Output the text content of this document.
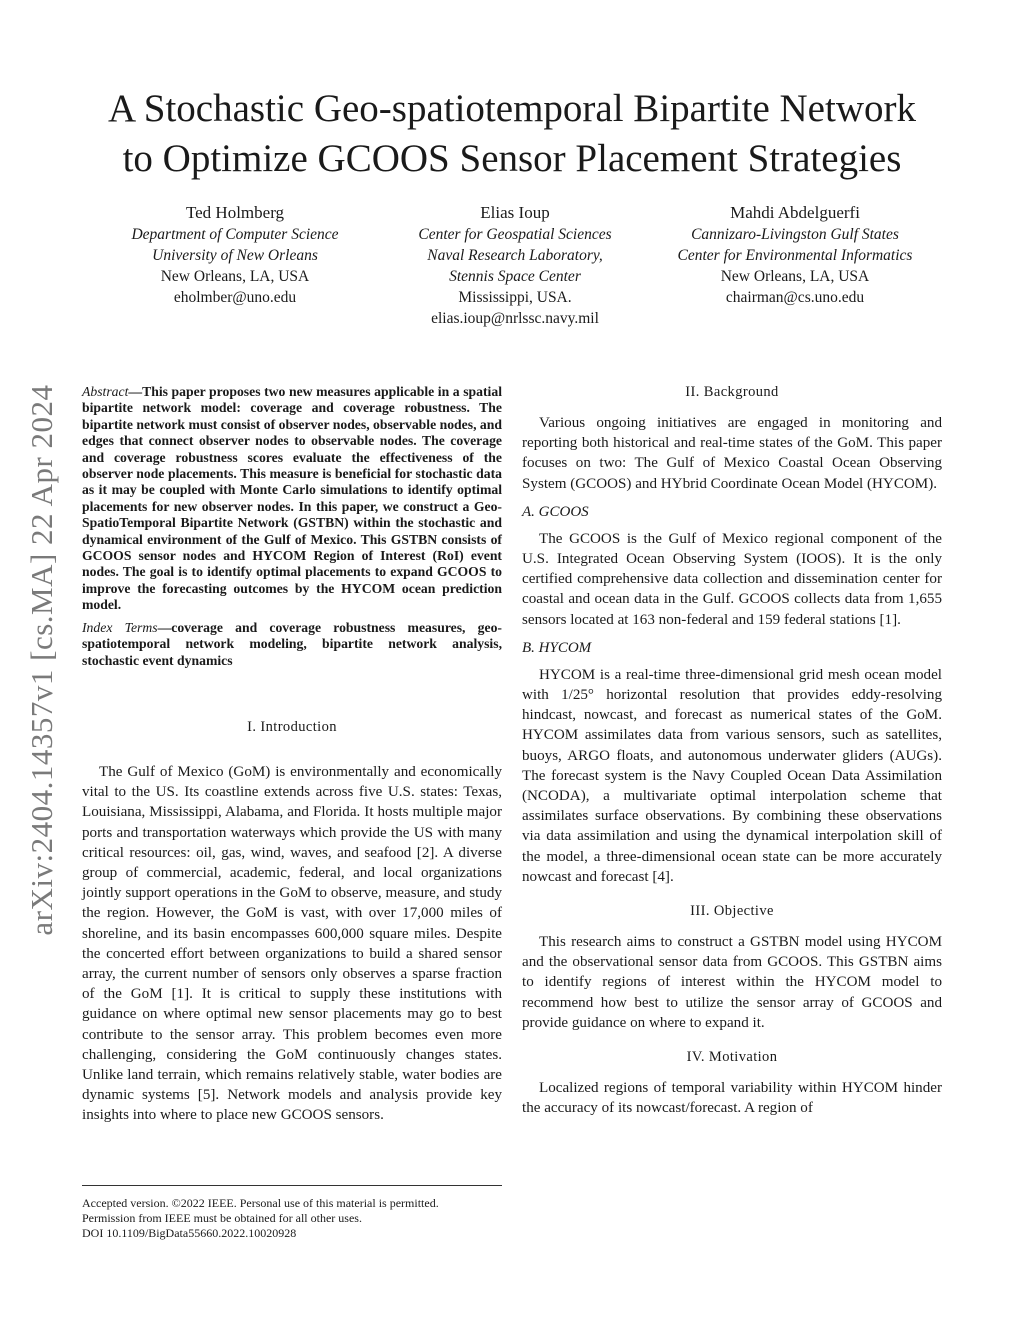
arXiv:2404.14357v1 [cs.MA] 22 Apr 2024
A Stochastic Geo-spatiotemporal Bipartite Network
to Optimize GCOOS Sensor Placement Strategies
Ted Holmberg
Department of Computer Science
University of New Orleans
New Orleans, LA, USA
eholmber@uno.edu
Elias Ioup
Center for Geospatial Sciences
Naval Research Laboratory,
Stennis Space Center
Mississippi, USA.
elias.ioup@nrlssc.navy.mil
Mahdi Abdelguerfi
Cannizaro-Livingston Gulf States
Center for Environmental Informatics
New Orleans, LA, USA
chairman@cs.uno.edu

Abstract—This paper proposes two new measures applicable in a spatial bipartite network model: coverage and coverage robustness. The bipartite network must consist of observer nodes, observable nodes, and edges that connect observer nodes to observable nodes. The coverage and coverage robustness scores evaluate the effectiveness of the observer node placements. This measure is beneficial for stochastic data as it may be coupled with Monte Carlo simulations to identify optimal placements for new observer nodes. In this paper, we construct a Geo-SpatioTemporal Bipartite Network (GSTBN) within the stochastic and dynamical environment of the Gulf of Mexico. This GSTBN consists of GCOOS sensor nodes and HYCOM Region of Interest (RoI) event nodes. The goal is to identify optimal placements to expand GCOOS to improve the forecasting outcomes by the HYCOM ocean prediction model.

Index Terms—coverage and coverage robustness measures, geo-spatiotemporal network modeling, bipartite network analysis, stochastic event dynamics

I. Introduction

The Gulf of Mexico (GoM) is environmentally and economically vital to the US. Its coastline extends across five U.S. states: Texas, Louisiana, Mississippi, Alabama, and Florida. It hosts multiple major ports and transportation waterways which provide the US with many critical resources: oil, gas, wind, waves, and seafood [2]. A diverse group of commercial, academic, federal, and local organizations jointly support operations in the GoM to observe, measure, and study the region. However, the GoM is vast, with over 17,000 miles of shoreline, and its basin encompasses 600,000 square miles. Despite the concerted effort between organizations to build a shared sensor array, the current number of sensors only observes a sparse fraction of the GoM [1]. It is critical to supply these institutions with guidance on where optimal new sensor placements may go to best contribute to the sensor array. This problem becomes even more challenging, considering the GoM continuously changes states. Unlike land terrain, which remains relatively stable, water bodies are dynamic systems [5]. Network models and analysis provide key insights into where to place new GCOOS sensors.

Accepted version. ©2022 IEEE. Personal use of this material is permitted.
Permission from IEEE must be obtained for all other uses.
DOI 10.1109/BigData55660.2022.10020928
II. Background

Various ongoing initiatives are engaged in monitoring and reporting both historical and real-time states of the GoM. This paper focuses on two: The Gulf of Mexico Coastal Ocean Observing System (GCOOS) and HYbrid Coordinate Ocean Model (HYCOM).

A. GCOOS

The GCOOS is the Gulf of Mexico regional component of the U.S. Integrated Ocean Observing System (IOOS). It is the only certified comprehensive data collection and dissemination center for coastal and ocean data in the Gulf. GCOOS collects data from 1,655 sensors located at 163 non-federal and 159 federal stations [1].

B. HYCOM

HYCOM is a real-time three-dimensional grid mesh ocean model with 1/25° horizontal resolution that provides eddy-resolving hindcast, nowcast, and forecast as numerical states of the GoM. HYCOM assimilates data from various sensors, such as satellites, buoys, ARGO floats, and autonomous underwater gliders (AUGs). The forecast system is the Navy Coupled Ocean Data Assimilation (NCODA), a multivariate optimal interpolation scheme that assimilates surface observations. By combining these observations via data assimilation and using the dynamical interpolation skill of the model, a three-dimensional ocean state can be more accurately nowcast and forecast [4].

III. Objective

This research aims to construct a GSTBN model using HYCOM and the observational sensor data from GCOOS. This GSTBN aims to identify regions of interest within the HYCOM model to recommend how best to utilize the sensor array of GCOOS and provide guidance on where to expand it.

IV. Motivation

Localized regions of temporal variability within HYCOM hinder the accuracy of its nowcast/forecast. A region of
